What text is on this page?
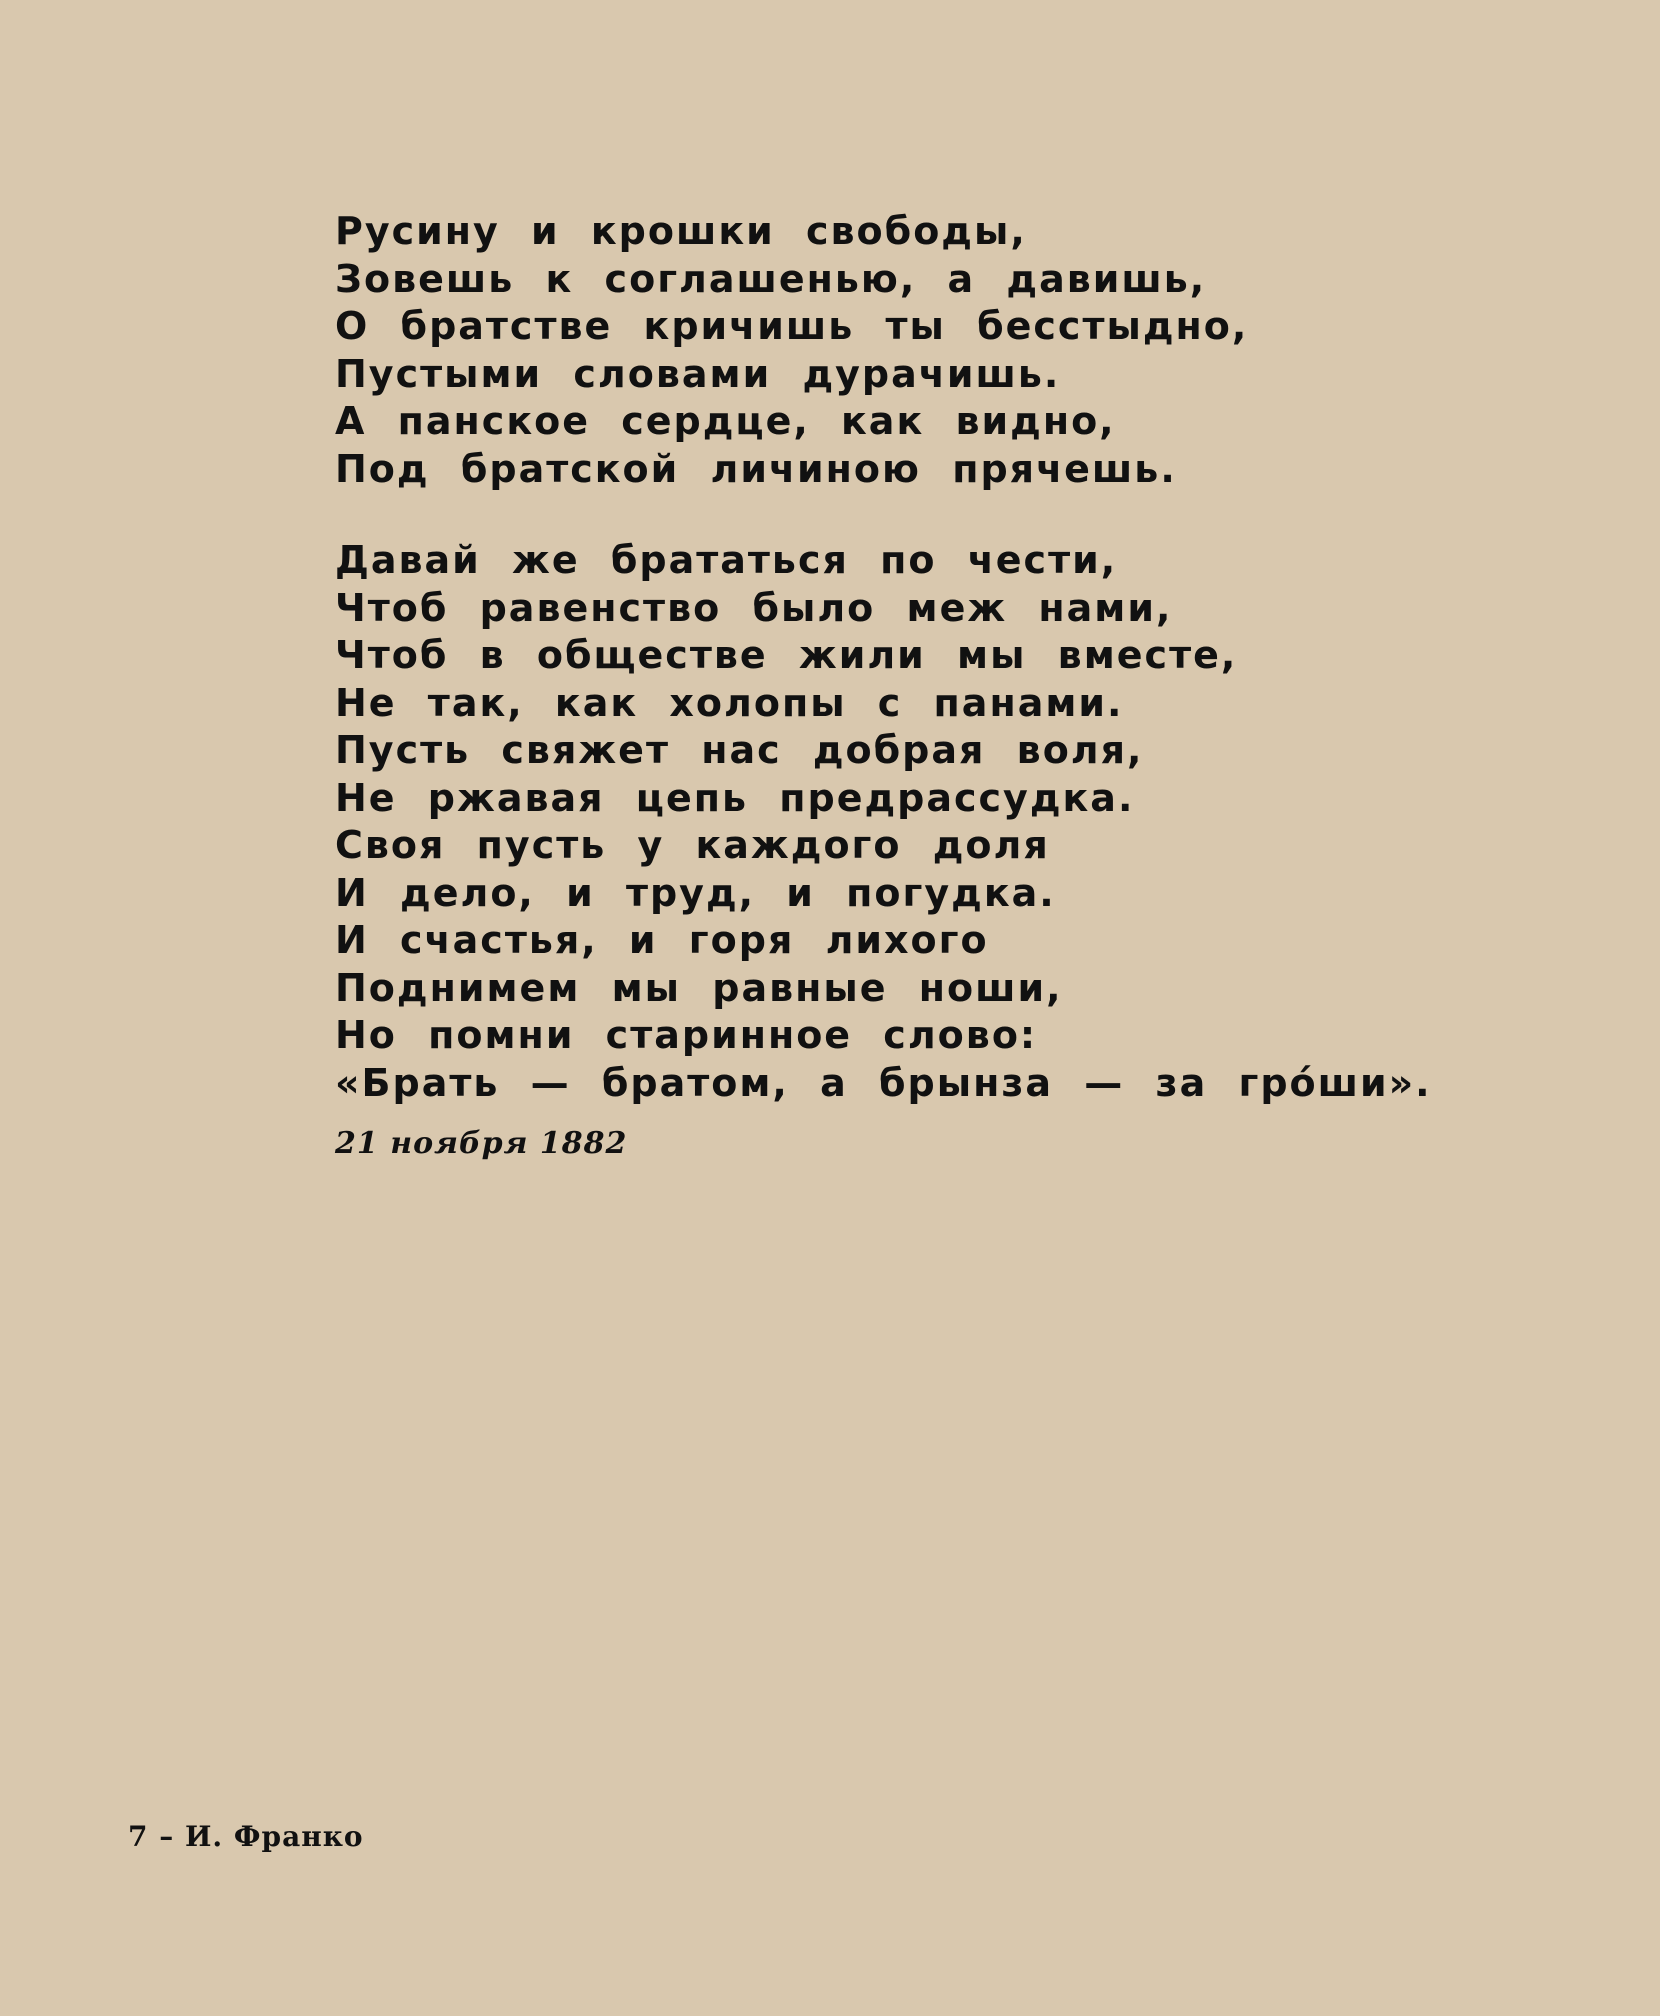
Русину и крошки свободы,
Зовешь к соглашенью, а давишь,
О братстве кричишь ты бесстыдно,
Пустыми словами дурачишь.
А панское сердце, как видно,
Под братской личиною прячешь.
Давай же брататься по чести,
Чтоб равенство было меж нами,
Чтоб в обществе жили мы вместе,
Не так, как холопы с панами.
Пусть свяжет нас добрая воля,
Не ржавая цепь предрассудка.
Своя пусть у каждого доля
И дело, и труд, и погудка.
И счастья, и горя лихого
Поднимем мы равные ноши,
Но помни старинное слово:
«Брать — братом, а брынза — за грóши».
21 ноября 1882
7 – И. Франко
